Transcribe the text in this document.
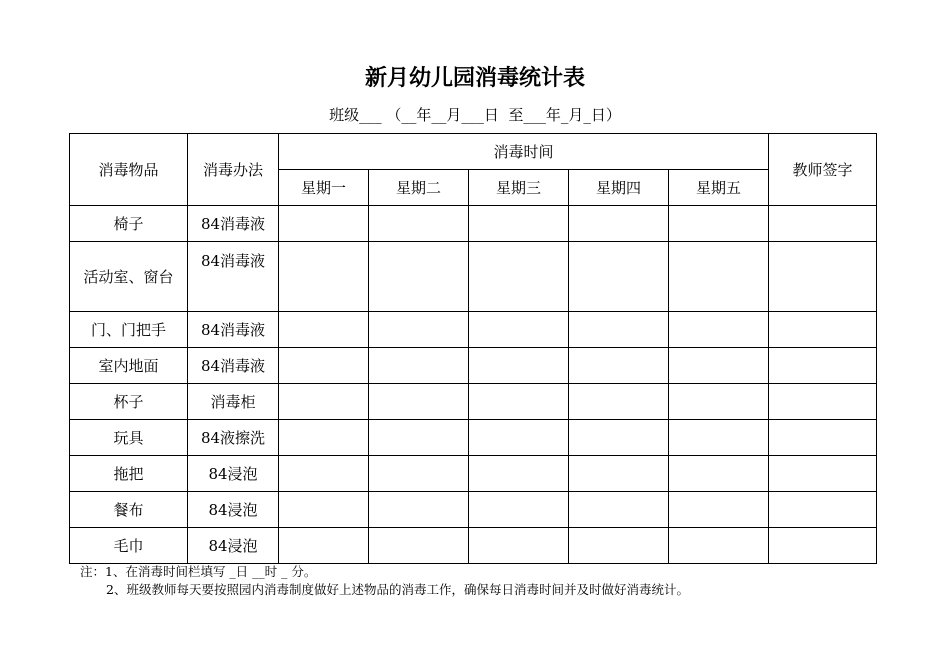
新月幼儿园消毒统计表
班级___ （__年__月___日  至___年_月_日）
消毒物品	消毒办法	消毒时间					教师签字
		星期一	星期二	星期三	星期四	星期五	
椅子	84消毒液						
活动室、窗台	84消毒液						
门、门把手	84消毒液						
室内地面	84消毒液						
杯子	消毒柜						
玩具	84液擦洗						
拖把	84浸泡						
餐布	84浸泡						
毛巾	84浸泡						
注：1、在消毒时间栏填写 _日 __时 _ 分。
2、班级教师每天要按照园内消毒制度做好上述物品的消毒工作，确保每日消毒时间并及时做好消毒统计。
